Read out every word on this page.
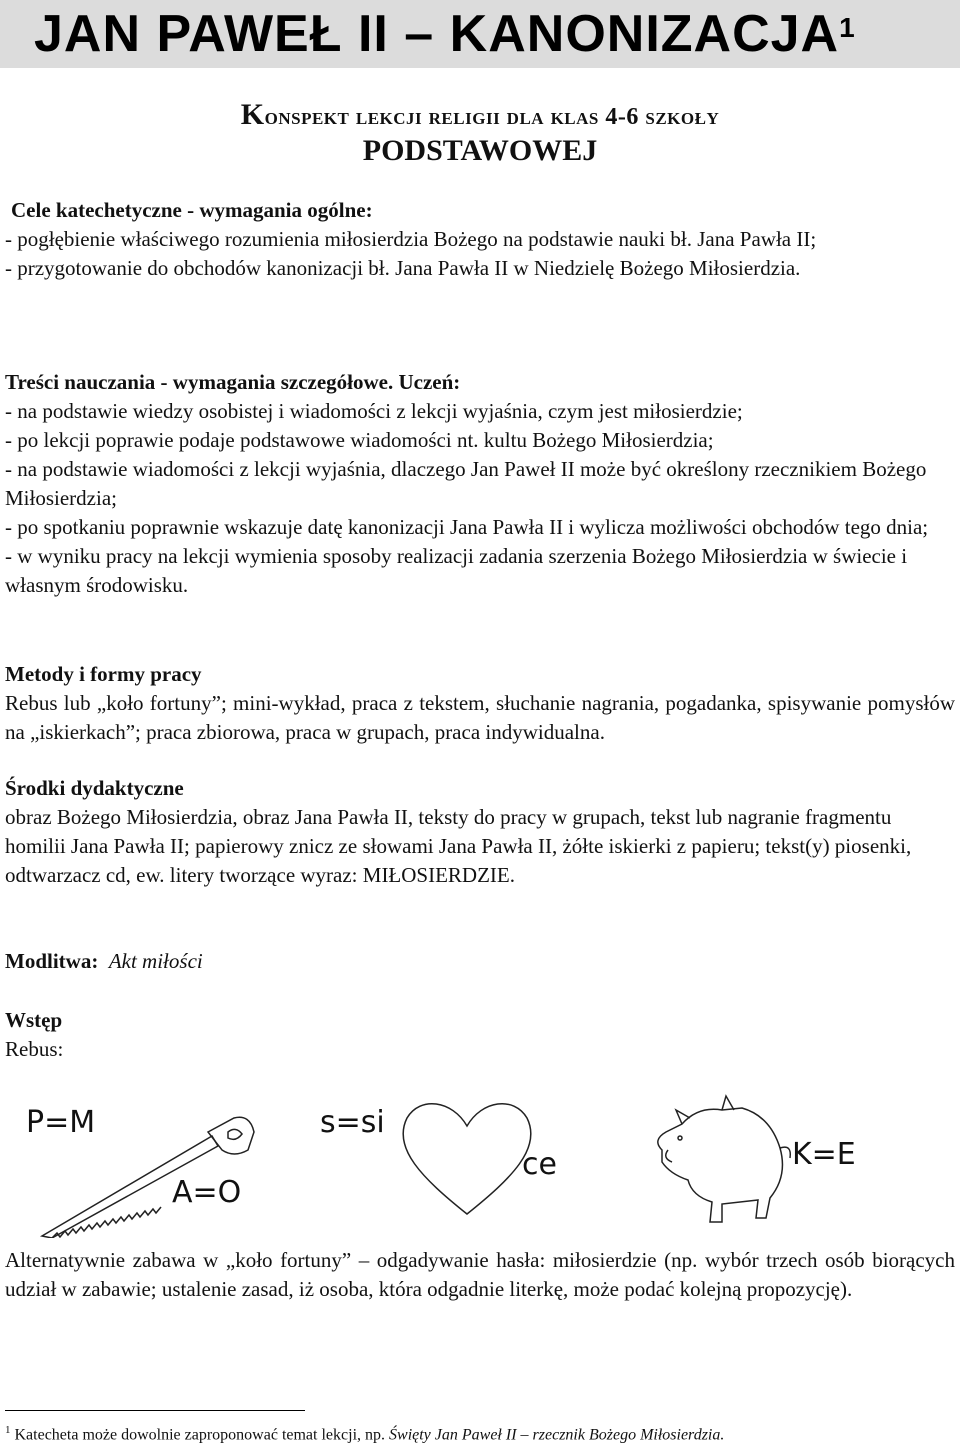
JAN PAWEŁ II – KANONIZACJA$^1$
Konspekt lekcji religii dla klas 4-6 szkoły
PODSTAWOWEJ

Cele katechetyczne - wymagania ogólne:

- pogłębienie właściwego rozumienia miłosierdzia Bożego na podstawie nauki bł. Jana Pawła II;

- przygotowanie do obchodów kanonizacji bł. Jana Pawła II w Niedzielę Bożego Miłosierdzia.

Treści nauczania - wymagania szczegółowe. Uczeń:

- na podstawie wiedzy osobistej i wiadomości z lekcji wyjaśnia, czym jest miłosierdzie;

- po lekcji poprawie podaje podstawowe wiadomości nt. kultu Bożego Miłosierdzia;

- na podstawie wiadomości z lekcji wyjaśnia, dlaczego Jan Paweł II może być określony rzecznikiem Bożego Miłosierdzia;

- po spotkaniu poprawnie wskazuje datę kanonizacji Jana Pawła II i wylicza możliwości obchodów tego dnia;

- w wyniku pracy na lekcji wymienia sposoby realizacji zadania szerzenia Bożego Miłosierdzia w świecie i własnym środowisku.

Metody i formy pracy

Rebus lub „koło fortuny”; mini-wykład, praca z tekstem, słuchanie nagrania, pogadanka, spisywanie pomysłów na „iskierkach”; praca zbiorowa, praca w grupach, praca indywidualna.

Środki dydaktyczne

obraz Bożego Miłosierdzia, obraz Jana Pawła II, teksty do pracy w grupach, tekst lub nagranie fragmentu homilii Jana Pawła II; papierowy znicz ze słowami Jana Pawła II, żółte iskierki z papieru; tekst(y) piosenki, odtwarzacz cd, ew. litery tworzące wyraz: MIŁOSIERDZIE.

Modlitwa: Akt miłości

Wstęp

Rebus:

P=M
A=O
s=si
ce	K=E

Alternatywnie zabawa w „koło fortuny” – odgadywanie hasła: miłosierdzie (np. wybór trzech osób biorących udział w zabawie; ustalenie zasad, iż osoba, która odgadnie literkę, może podać kolejną propozycję).

$^1$ Katecheta może dowolnie zaproponować temat lekcji, np. Święty Jan Paweł II – rzecznik Bożego Miłosierdzia.
